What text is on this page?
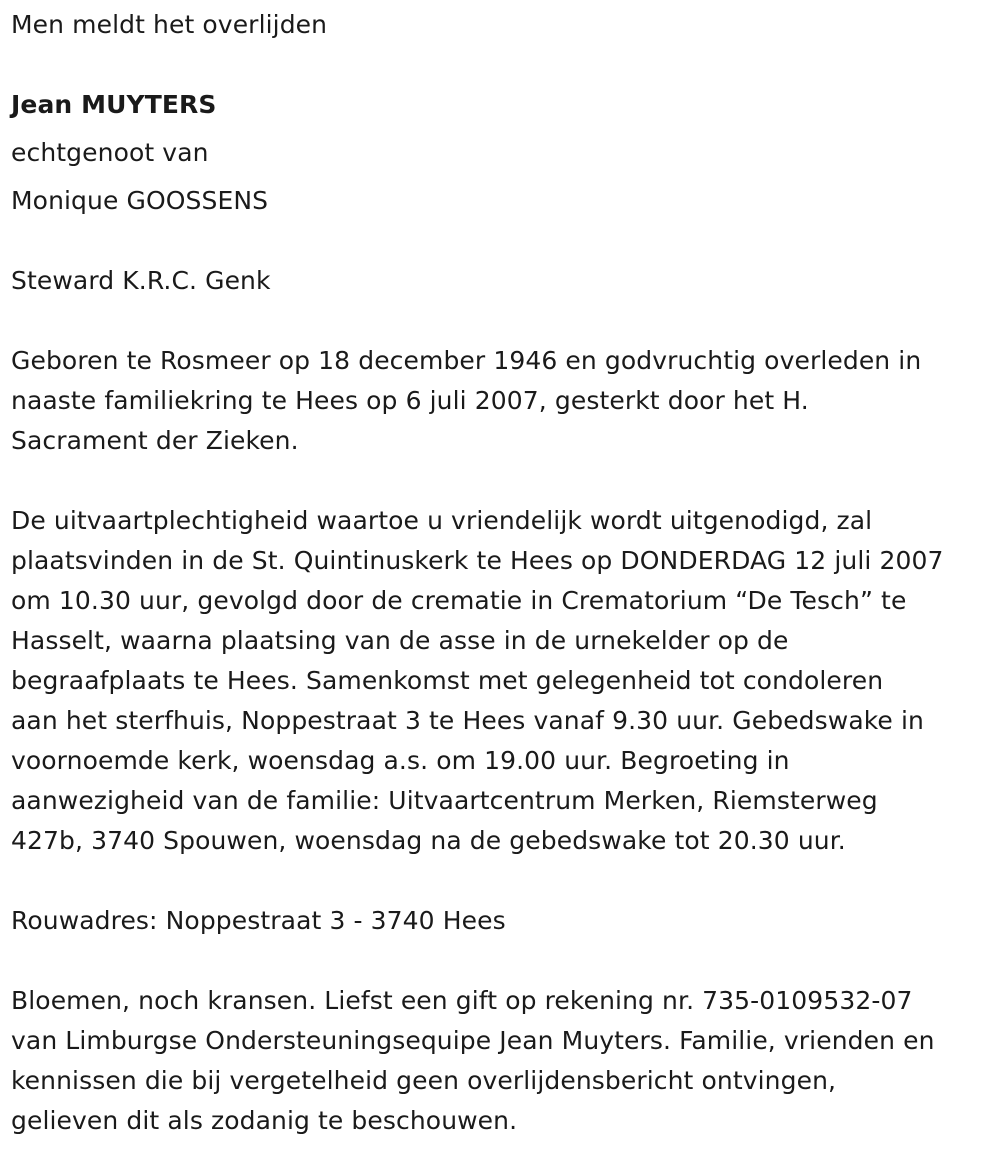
Men meldt het overlijden
Jean MUYTERS
echtgenoot van
Monique GOOSSENS
Steward K.R.C. Genk
Geboren te Rosmeer op 18 december 1946 en godvruchtig overleden in
naaste familiekring te Hees op 6 juli 2007, gesterkt door het H.
Sacrament der Zieken.
De uitvaartplechtigheid waartoe u vriendelijk wordt uitgenodigd, zal
plaatsvinden in de St. Quintinuskerk te Hees op DONDERDAG 12 juli 2007
om 10.30 uur, gevolgd door de crematie in Crematorium “De Tesch” te
Hasselt, waarna plaatsing van de asse in de urnekelder op de
begraafplaats te Hees. Samenkomst met gelegenheid tot condoleren
aan het sterfhuis, Noppestraat 3 te Hees vanaf 9.30 uur. Gebedswake in
voornoemde kerk, woensdag a.s. om 19.00 uur. Begroeting in
aanwezigheid van de familie: Uitvaartcentrum Merken, Riemsterweg
427b, 3740 Spouwen, woensdag na de gebedswake tot 20.30 uur.
Rouwadres: Noppestraat 3 - 3740 Hees
Bloemen, noch kransen. Liefst een gift op rekening nr. 735-0109532-07
van Limburgse Ondersteuningsequipe Jean Muyters. Familie, vrienden en
kennissen die bij vergetelheid geen overlijdensbericht ontvingen,
gelieven dit als zodanig te beschouwen.
